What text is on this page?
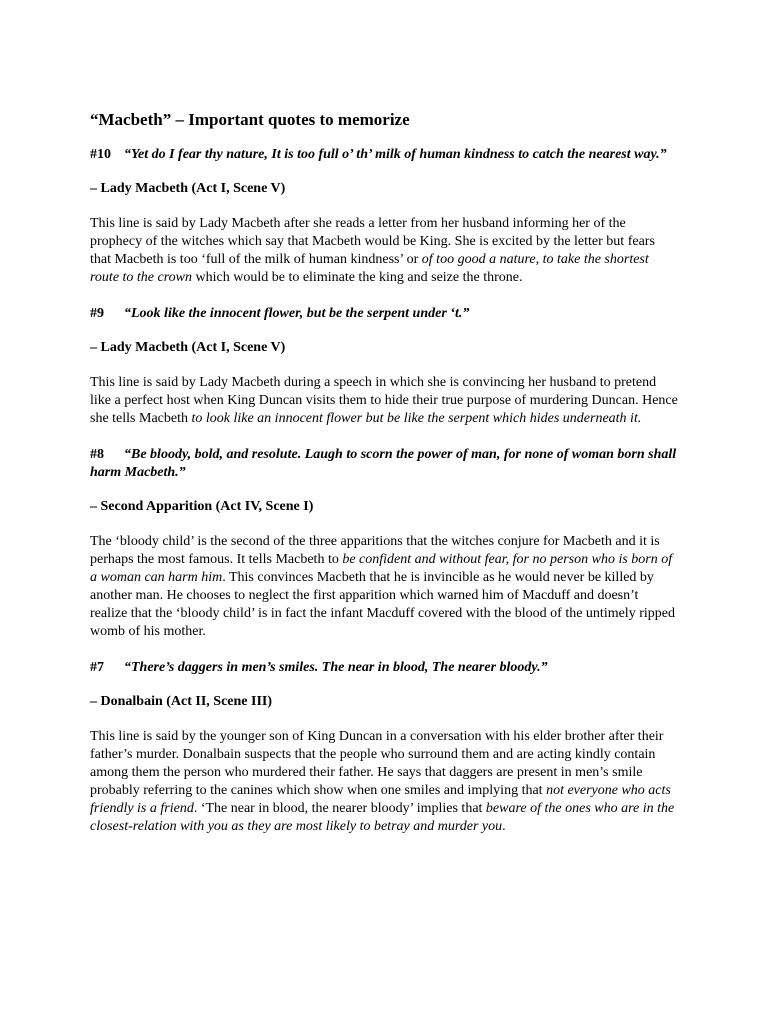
“Macbeth” – Important quotes to memorize
#10 “Yet do I fear thy nature, It is too full o’ th’ milk of human kindness to catch the nearest way.”
– Lady Macbeth (Act I, Scene V)
This line is said by Lady Macbeth after she reads a letter from her husband informing her of the prophecy of the witches which say that Macbeth would be King. She is excited by the letter but fears that Macbeth is too ‘full of the milk of human kindness’ or of too good a nature, to take the shortest route to the crown which would be to eliminate the king and seize the throne.
#9 “Look like the innocent flower, but be the serpent under ‘t.”
– Lady Macbeth (Act I, Scene V)
This line is said by Lady Macbeth during a speech in which she is convincing her husband to pretend like a perfect host when King Duncan visits them to hide their true purpose of murdering Duncan. Hence she tells Macbeth to look like an innocent flower but be like the serpent which hides underneath it.
#8 “Be bloody, bold, and resolute. Laugh to scorn the power of man, for none of woman born shall harm Macbeth.”
– Second Apparition (Act IV, Scene I)
The ‘bloody child’ is the second of the three apparitions that the witches conjure for Macbeth and it is perhaps the most famous. It tells Macbeth to be confident and without fear, for no person who is born of a woman can harm him. This convinces Macbeth that he is invincible as he would never be killed by another man. He chooses to neglect the first apparition which warned him of Macduff and doesn’t realize that the ‘bloody child’ is in fact the infant Macduff covered with the blood of the untimely ripped womb of his mother.
#7 “There’s daggers in men’s smiles. The near in blood, The nearer bloody.”
– Donalbain (Act II, Scene III)
This line is said by the younger son of King Duncan in a conversation with his elder brother after their father’s murder. Donalbain suspects that the people who surround them and are acting kindly contain among them the person who murdered their father. He says that daggers are present in men’s smile probably referring to the canines which show when one smiles and implying that not everyone who acts friendly is a friend. ‘The near in blood, the nearer bloody’ implies that beware of the ones who are in the closest-relation with you as they are most likely to betray and murder you.
